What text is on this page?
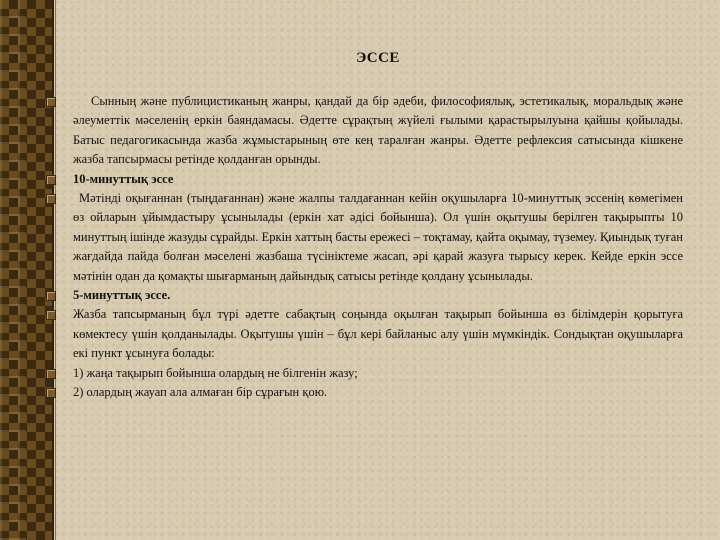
ЭССЕ

Сынның және публицистиканың жанры, қандай да бір әдеби, философиялық, эстетикалық, моральдық және әлеуметтік мәселенің еркін баяндамасы. Әдетте сұрақтың жүйелі ғылыми қарастырылуына қайшы қойылады. Батыс педагогикасында жазба жұмыстарының өте кең таралған жанры. Әдетте рефлексия сатысында кішкене жазба тапсырмасы ретінде қолданған орынды.

10-минуттық эссе

Мәтінді оқығаннан (тыңдағаннан) және жалпы талдағаннан кейін оқушыларға 10-минуттық эссенің көмегімен өз ойларын ұйымдастыру ұсынылады (еркін хат әдісі бойынша). Ол үшін оқытушы берілген тақырыпты 10 минуттың ішінде жазуды сұрайды. Еркін хаттың басты ережесі – тоқтамау, қайта оқымау, түземеу. Қиындық туған жағдайда пайда болған мәселені жазбаша түсініктеме жасап, әрі қарай жазуға тырысу керек. Кейде еркін эссе мәтінін одан да қомақты шығарманың дайындық сатысы ретінде қолдану ұсынылады.

5-минуттық эссе.

Жазба тапсырманың бұл түрі әдетте сабақтың соңында оқылған тақырып бойынша өз білімдерін қорытуға көмектесу үшін қолданылады. Оқытушы үшін – бұл кері байланыс алу үшін мүмкіндік. Сондықтан оқушыларға екі пункт ұсынуға болады:

1) жаңа тақырып бойынша олардың не білгенін жазу;

2) олардың жауап ала алмаған бір сұрағын қою.
